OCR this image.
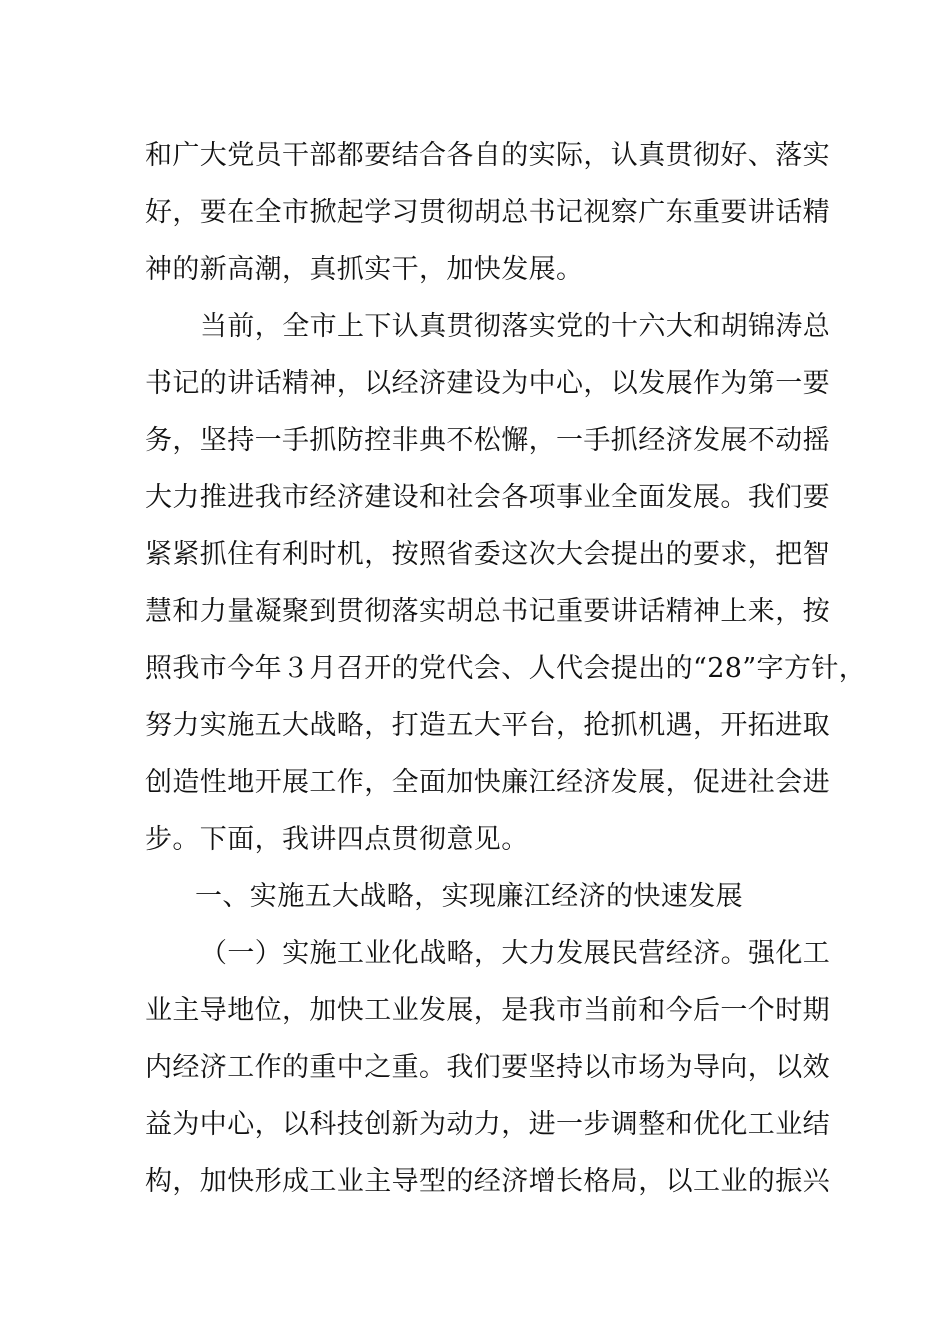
和广大党员干部都要结合各自的实际，认真贯彻好、落实
好，要在全市掀起学习贯彻胡总书记视察广东重要讲话精
神的新高潮，真抓实干，加快发展。
当前，全市上下认真贯彻落实党的十六大和胡锦涛总
书记的讲话精神，以经济建设为中心，以发展作为第一要
务，坚持一手抓防控非典不松懈，一手抓经济发展不动摇
大力推进我市经济建设和社会各项事业全面发展。我们要
紧紧抓住有利时机，按照省委这次大会提出的要求，把智
慧和力量凝聚到贯彻落实胡总书记重要讲话精神上来，按
照我市今年３月召开的党代会、人代会提出的“28”字方针，
努力实施五大战略，打造五大平台，抢抓机遇，开拓进取
创造性地开展工作，全面加快廉江经济发展，促进社会进
步。下面，我讲四点贯彻意见。
一、实施五大战略，实现廉江经济的快速发展
（一）实施工业化战略，大力发展民营经济。强化工
业主导地位，加快工业发展，是我市当前和今后一个时期
内经济工作的重中之重。我们要坚持以市场为导向，以效
益为中心，以科技创新为动力，进一步调整和优化工业结
构，加快形成工业主导型的经济增长格局，以工业的振兴
